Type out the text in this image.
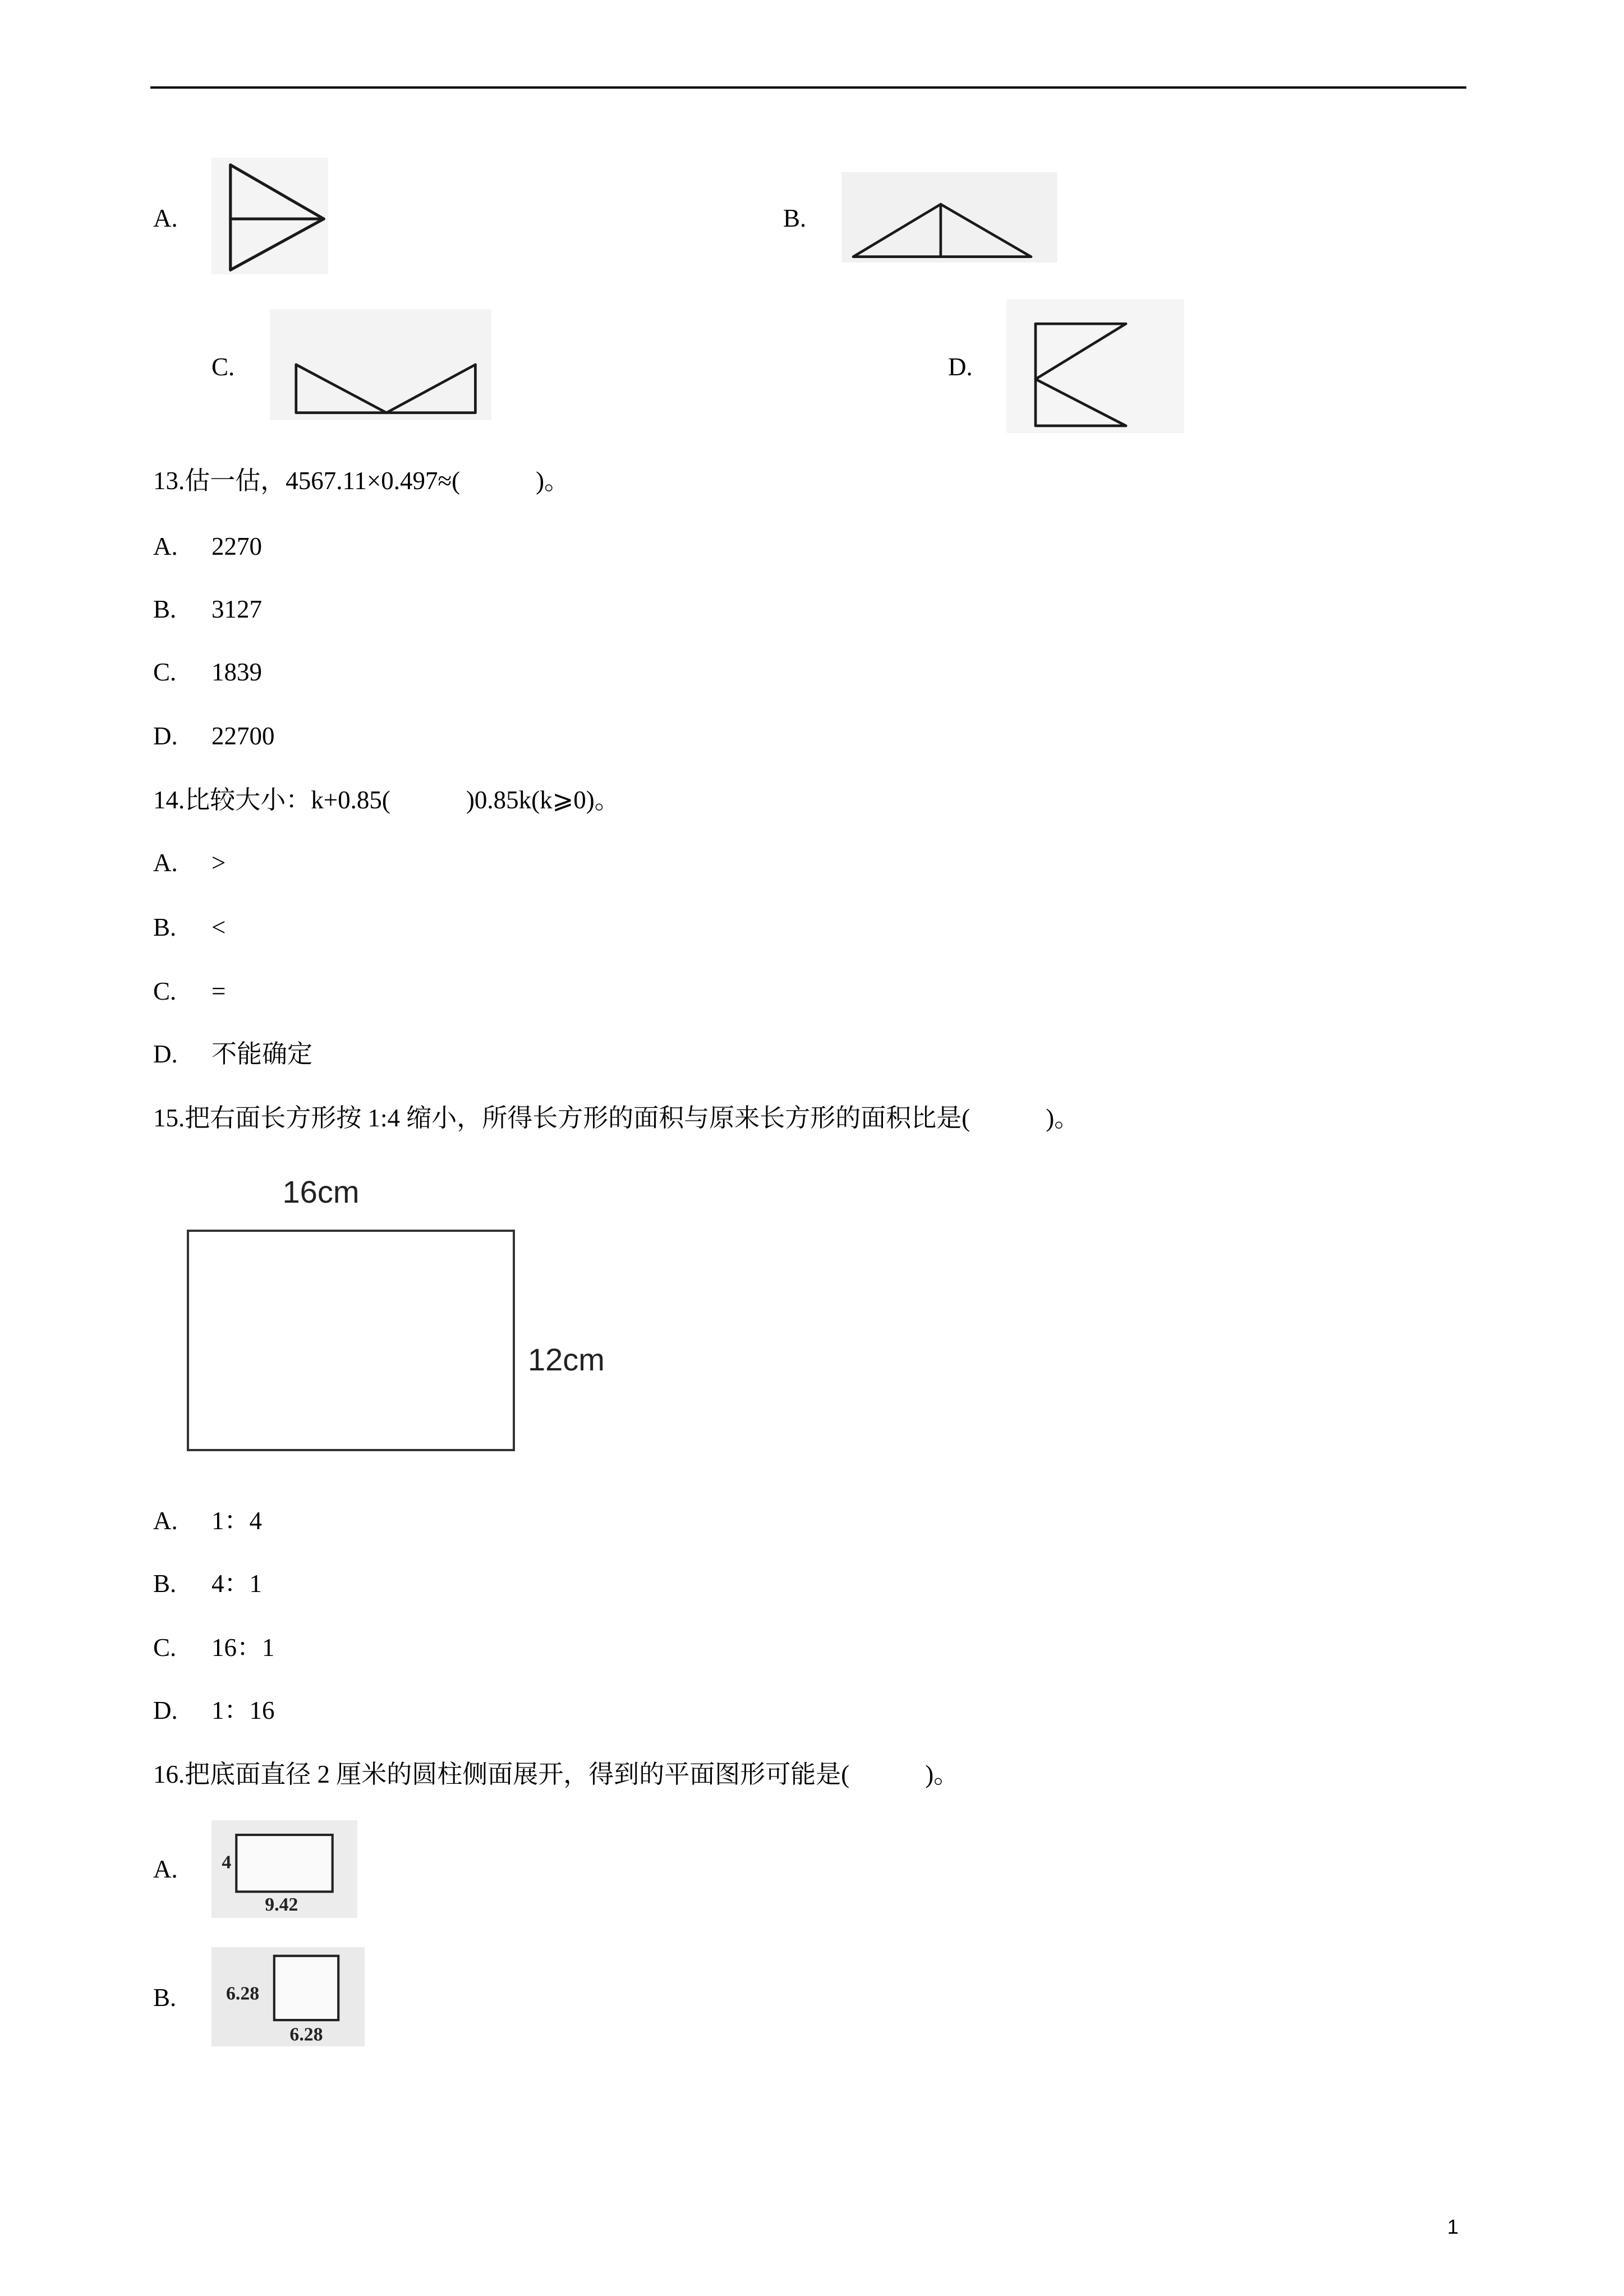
A.	B.
C.	D.
13.估一估，4567.11×0.497≈(　　　)。

A.

2270

B.

3127

C.

1839

D.

22700

14.比较大小：k+0.85(　　　)0.85k(k⩾0)。

A.

>

B.

<

C.

=

D.

不能确定

15.把右面长方形按 1:4 缩小，所得长方形的面积与原来长方形的面积比是(　　　)。
16cm
12cm

A.

1：4

B.

4：1

C.

16：1

D.

1：16

16.把底面直径 2 厘米的圆柱侧面展开，得到的平面图形可能是(　　　)。
A.	4
9.42
B.	6.28
6.28
1
